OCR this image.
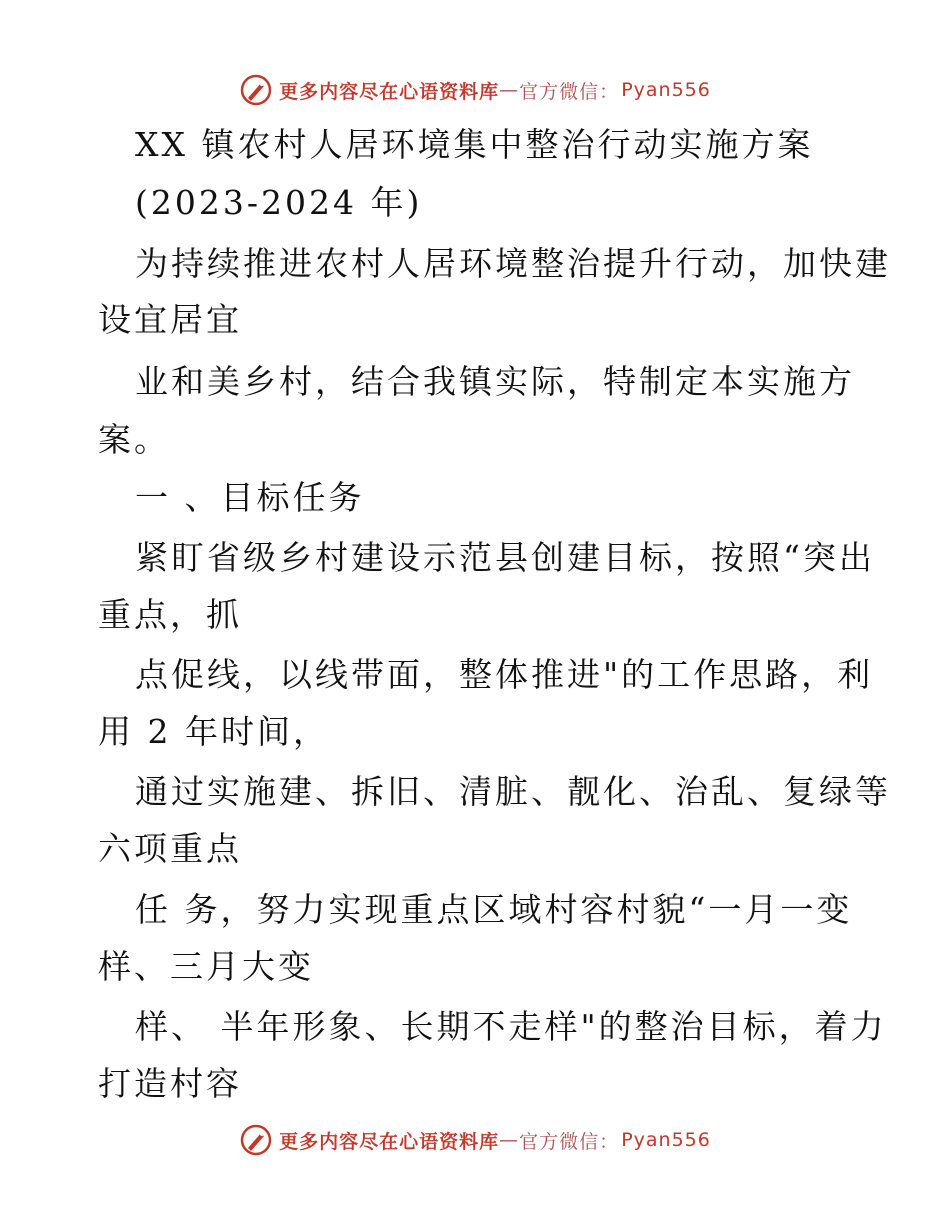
更多内容尽在心语资料库 — 官方微信： Pyan556
XX 镇农村人居环境集中整治行动实施方案
(2023-2024 年)
为持续推进农村人居环境整治提升行动，加快建
设宜居宜
业和美乡村，结合我镇实际，特制定本实施方
案。
一 、目标任务
紧盯省级乡村建设示范县创建目标，按照“突出
重点，抓
点促线，以线带面，整体推进"的工作思路，利
用 2 年时间，
通过实施建、拆旧、清脏、靓化、治乱、复绿等
六项重点
任 务，努力实现重点区域村容村貌“一月一变
样、三月大变
样、 半年形象、长期不走样"的整治目标，着力
打造村容
更多内容尽在心语资料库 — 官方微信： Pyan556
